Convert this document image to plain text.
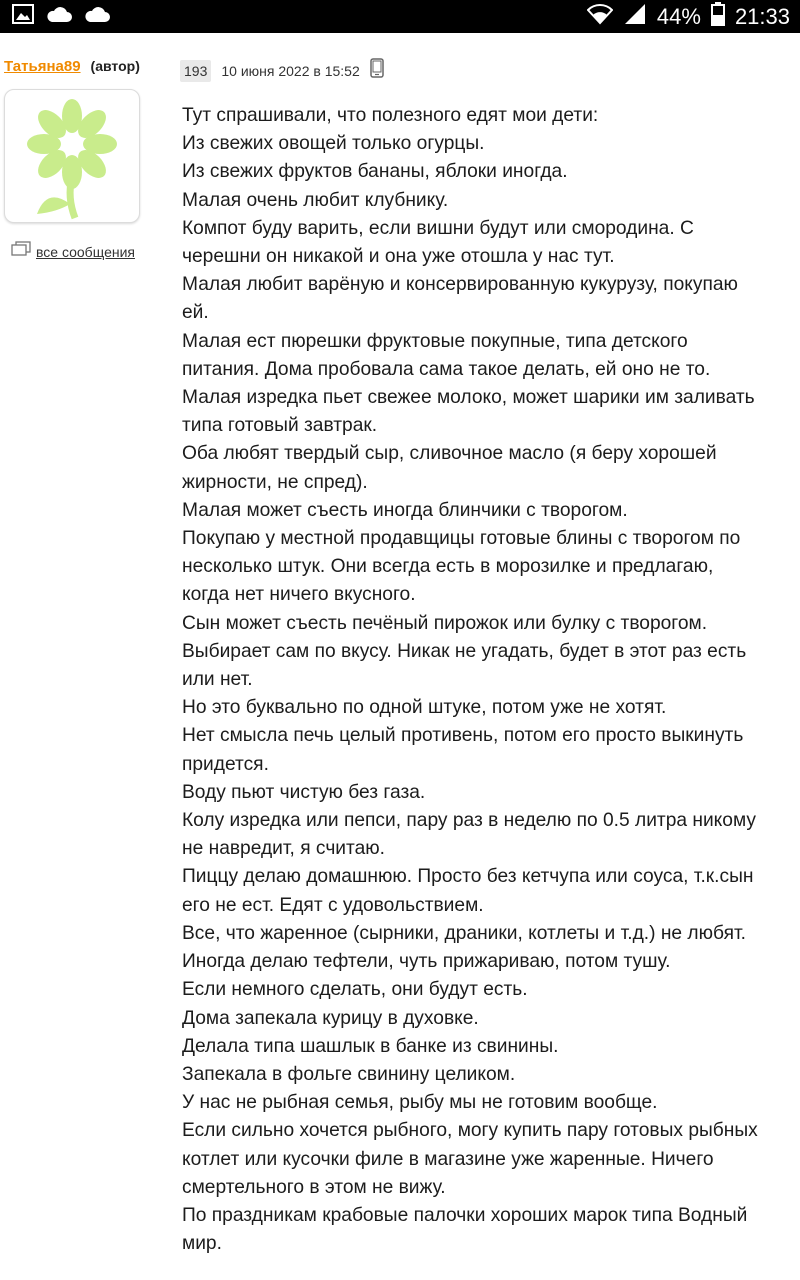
44% 21:33
Татьяна89 (автор)
все сообщения
193 10 июня 2022 в 15:52

Тут спрашивали, что полезного едят мои дети:

Из свежих овощей только огурцы.

Из свежих фруктов бананы, яблоки иногда.

Малая очень любит клубнику.

Компот буду варить, если вишни будут или смородина. С

черешни он никакой и она уже отошла у нас тут.

Малая любит варёную и консервированную кукурузу, покупаю

ей.

Малая ест пюрешки фруктовые покупные, типа детского

питания. Дома пробовала сама такое делать, ей оно не то.

Малая изредка пьет свежее молоко, может шарики им заливать

типа готовый завтрак.

Оба любят твердый сыр, сливочное масло (я беру хорошей

жирности, не спред).

Малая может съесть иногда блинчики с творогом.

Покупаю у местной продавщицы готовые блины с творогом по

несколько штук. Они всегда есть в морозилке и предлагаю,

когда нет ничего вкусного.

Сын может съесть печёный пирожок или булку с творогом.

Выбирает сам по вкусу. Никак не угадать, будет в этот раз есть

или нет.

Но это буквально по одной штуке, потом уже не хотят.

Нет смысла печь целый противень, потом его просто выкинуть

придется.

Воду пьют чистую без газа.

Колу изредка или пепси, пару раз в неделю по 0.5 литра никому

не навредит, я считаю.

Пиццу делаю домашнюю. Просто без кетчупа или соуса, т.к.сын

его не ест. Едят с удовольствием.

Все, что жаренное (сырники, драники, котлеты и т.д.) не любят.

Иногда делаю тефтели, чуть прижариваю, потом тушу.

Если немного сделать, они будут есть.

Дома запекала курицу в духовке.

Делала типа шашлык в банке из свинины.

Запекала в фольге свинину целиком.

У нас не рыбная семья, рыбу мы не готовим вообще.

Если сильно хочется рыбного, могу купить пару готовых рыбных

котлет или кусочки филе в магазине уже жаренные. Ничего

смертельного в этом не вижу.

По праздникам крабовые палочки хороших марок типа Водный

мир.
